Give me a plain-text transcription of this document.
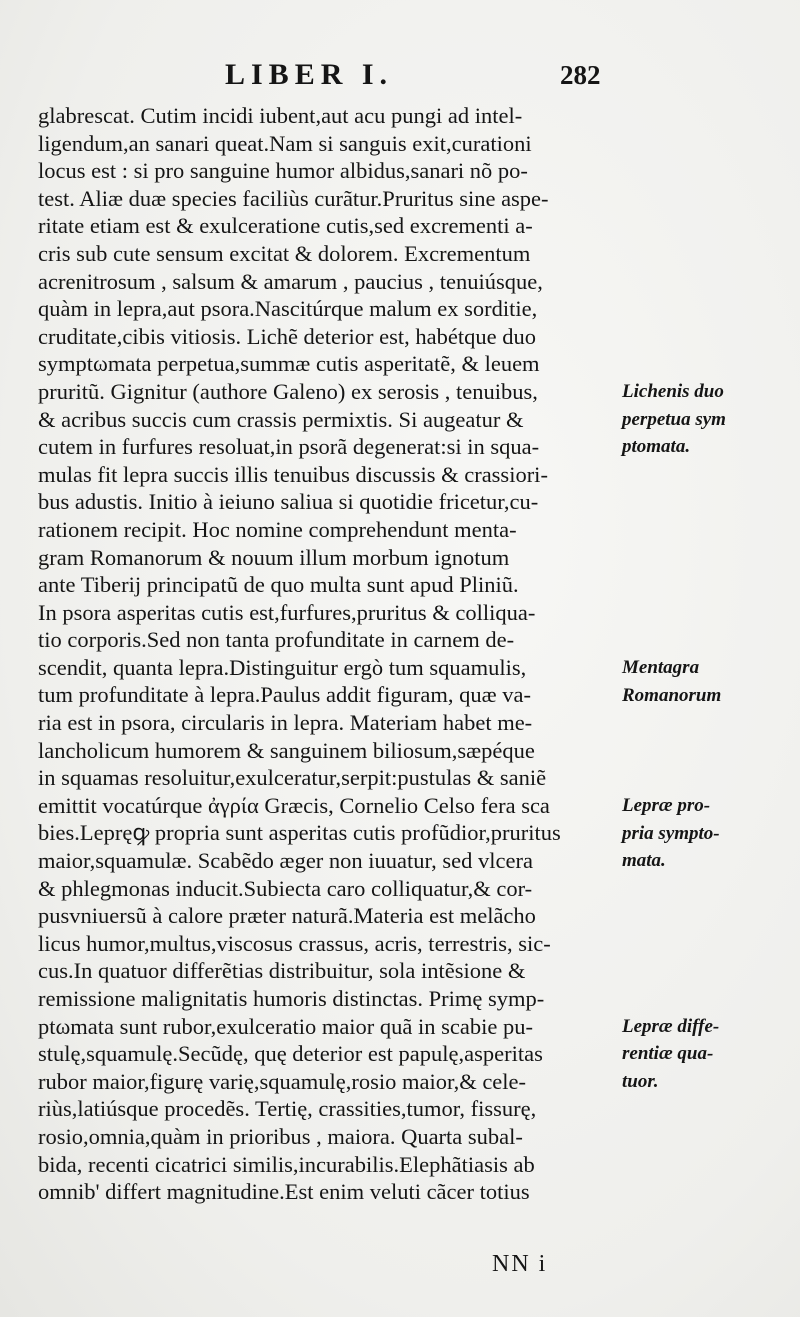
LIBER I.	282
glabrescat. Cutim incidi iubent,aut acu pungi ad intel-
ligendum,an sanari queat.Nam si sanguis exit,curationi
locus est : si pro sanguine humor albidus,sanari nõ po-
test. Aliæ duæ species faciliùs curãtur.Pruritus sine aspe-
ritate etiam est & exulceratione cutis,sed excrementi a-
cris sub cute sensum excitat & dolorem. Excrementum
acrenitrosum , salsum & amarum , paucius , tenuiúsque,
quàm in lepra,aut psora.Nascitúrque malum ex sorditie,
cruditate,cibis vitiosis. Lichẽ deterior est, habétque duo
symptωmata perpetua,summæ cutis asperitatẽ, & leuem
pruritũ. Gignitur (authore Galeno) ex serosis , tenuibus,
& acribus succis cum crassis permixtis. Si augeatur &
cutem in furfures resoluat,in psorã degenerat:si in squa-
mulas fit lepra succis illis tenuibus discussis & crassiori-
bus adustis. Initio à ieiuno saliua si quotidie fricetur,cu-
rationem recipit. Hoc nomine comprehendunt menta-
gram Romanorum & nouum illum morbum ignotum
ante Tiberij principatũ de quo multa sunt apud Pliniũ.
In psora asperitas cutis est,furfures,pruritus & colliqua-
tio corporis.Sed non tanta profunditate in carnem de-
scendit, quanta lepra.Distinguitur ergò tum squamulis,
tum profunditate à lepra.Paulus addit figuram, quæ va-
ria est in psora, circularis in lepra. Materiam habet me-
lancholicum humorem & sanguinem biliosum,sæpéque
in squamas resoluitur,exulceratur,serpit:pustulas & saniẽ
emittit vocatúrque ἀγρία Græcis, Cornelio Celso fera sca
bies.Lepręꝙ propria sunt asperitas cutis profũdior,pruritus
maior,squamulæ. Scabẽdo æger non iuuatur, sed vlcera
& phlegmonas inducit.Subiecta caro colliquatur,& cor-
pusvniuersũ à calore præter naturã.Materia est melãcho
licus humor,multus,viscosus crassus, acris, terrestris, sic-
cus.In quatuor differẽtias distribuitur, sola intẽsione &
remissione malignitatis humoris distinctas. Primę symp-
ptωmata sunt rubor,exulceratio maior quã in scabie pu-
stulę,squamulę.Secũdę, quę deterior est papulę,asperitas
rubor maior,figurę varię,squamulę,rosio maior,& cele-
riùs,latiúsque procedẽs. Tertię, crassities,tumor, fissurę,
rosio,omnia,quàm in prioribus , maiora. Quarta subal-
bida, recenti cicatrici similis,incurabilis.Elephãtiasis ab
omnib' differt magnitudine.Est enim veluti cãcer totius
Lichenis duo
perpetua sym
ptomata.
Mentagra
Romanorum
Lepræ pro-
pria sympto-
mata.
Lepræ diffe-
rentiæ qua-
tuor.
NN i
